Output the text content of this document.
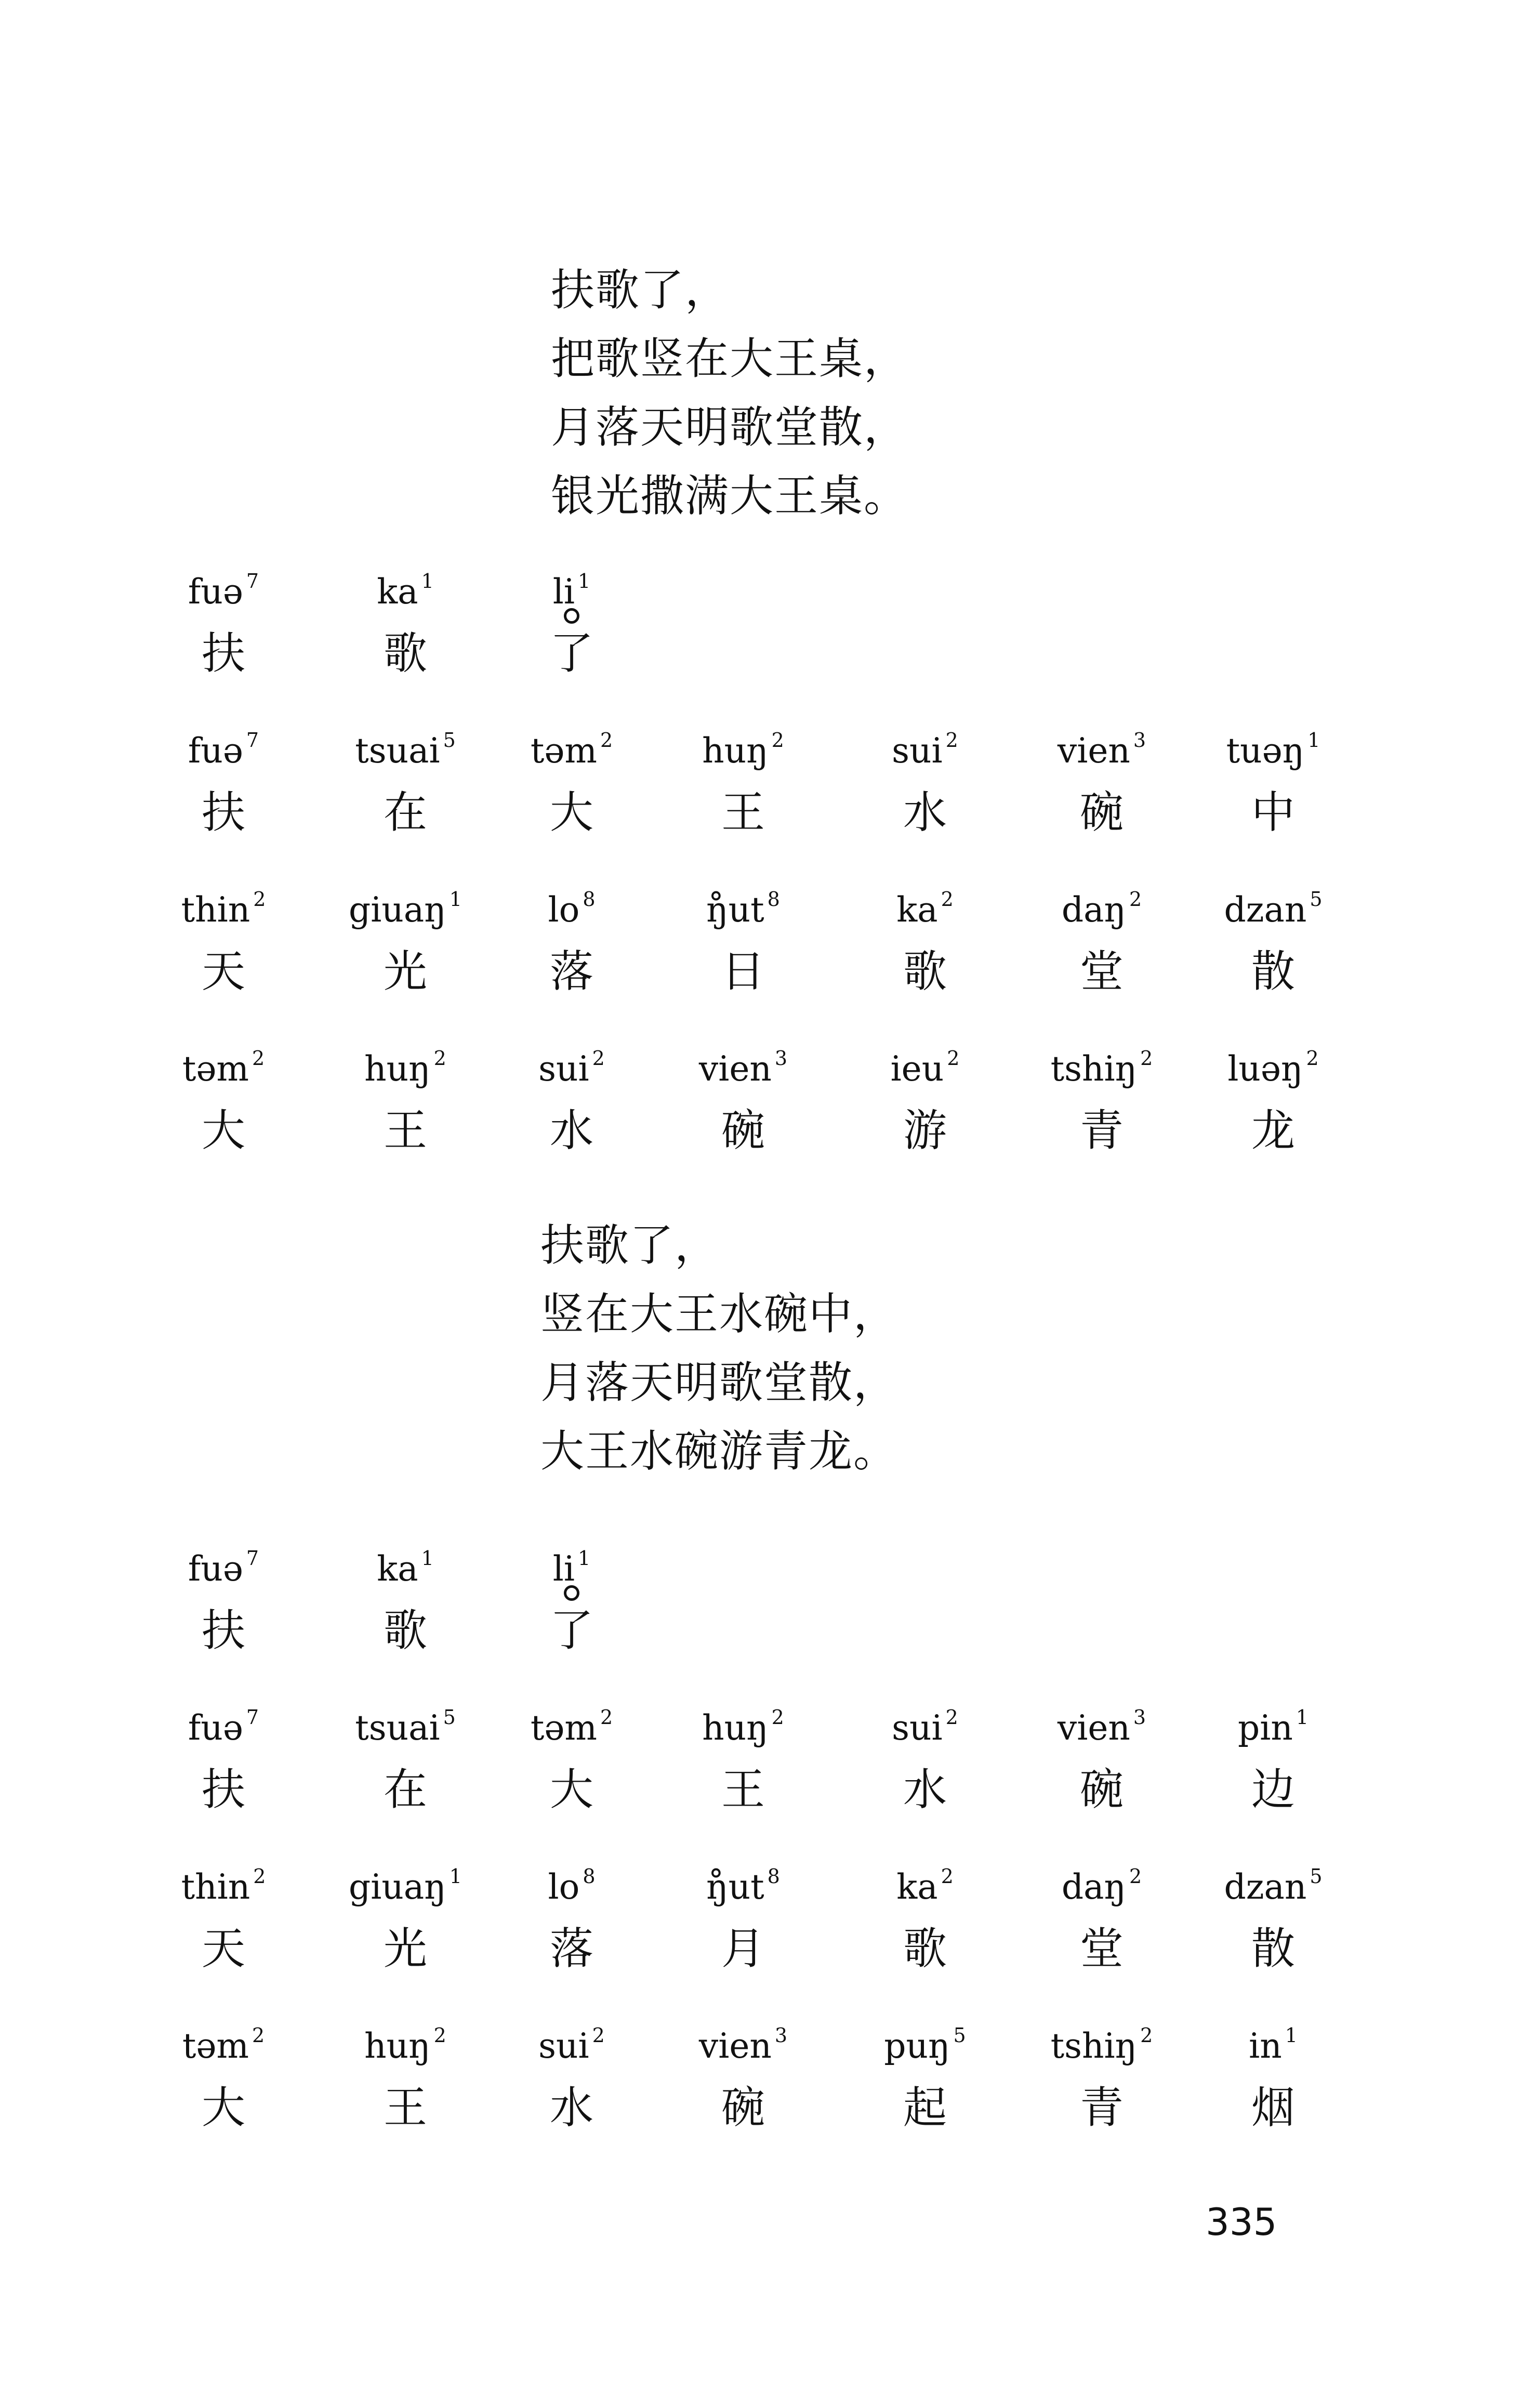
扶歌了，
把歌竖在大王桌，
月落天明歌堂散，
银光撒满大王桌。
fuə $^7$	ka $^1$	li $^1$
扶	歌	了
fuə $^7$	tsuai $^5$	təm $^2$	huŋ $^2$	sui $^2$	vien $^3$	tuəŋ $^1$
扶	在	大	王	水	碗	中
thin $^2$	giuaŋ $^1$	lo $^8$	ŋ̊ut $^8$	ka $^2$	daŋ $^2$	dzan $^5$
天	光	落	日	歌	堂	散
təm $^2$	huŋ $^2$	sui $^2$	vien $^3$	ieu $^2$	tshiŋ $^2$	luəŋ $^2$
大	王	水	碗	游	青	龙
扶歌了，
竖在大王水碗中，
月落天明歌堂散，
大王水碗游青龙。
fuə $^7$	ka $^1$	li $^1$
扶	歌	了
fuə $^7$	tsuai $^5$	təm $^2$	huŋ $^2$	sui $^2$	vien $^3$	pin $^1$
扶	在	大	王	水	碗	边
thin $^2$	giuaŋ $^1$	lo $^8$	ŋ̊ut $^8$	ka $^2$	daŋ $^2$	dzan $^5$
天	光	落	月	歌	堂	散
təm $^2$	huŋ $^2$	sui $^2$	vien $^3$	puŋ $^5$	tshiŋ $^2$	in $^1$
大	王	水	碗	起	青	烟
335
